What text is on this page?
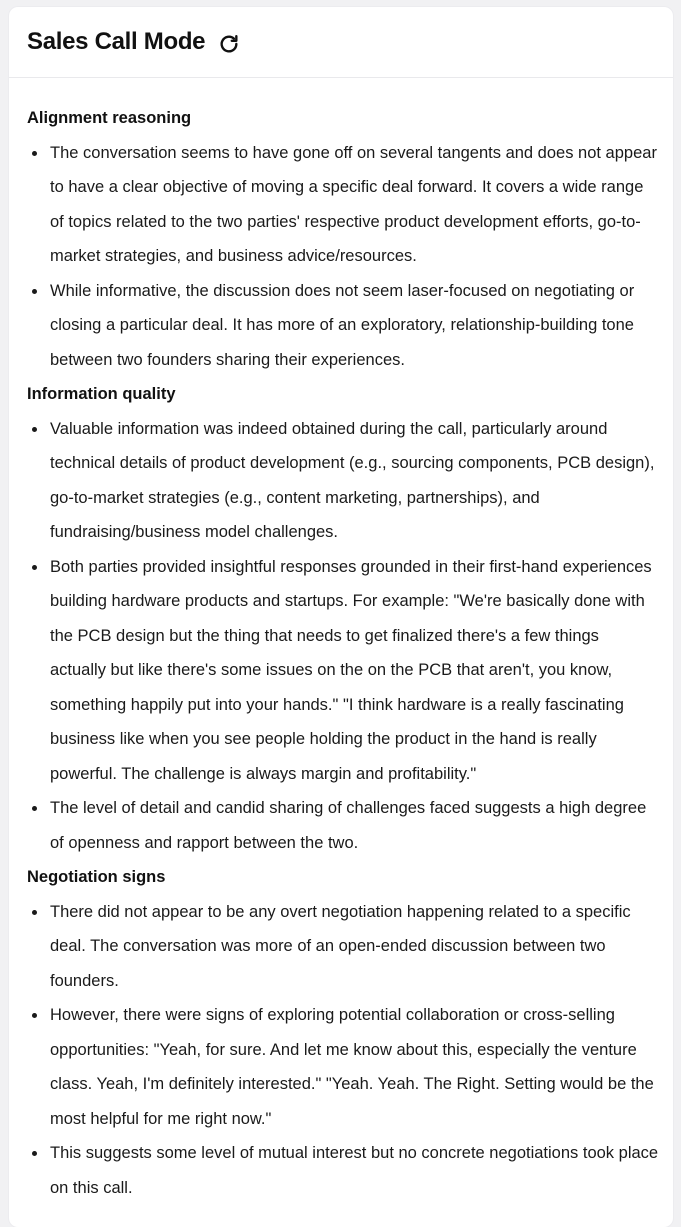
Sales Call Mode
Alignment reasoning
The conversation seems to have gone off on several tangents and does not appear to have a clear objective of moving a specific deal forward. It covers a wide range of topics related to the two parties' respective product development efforts, go-to-market strategies, and business advice/resources.
While informative, the discussion does not seem laser-focused on negotiating or closing a particular deal. It has more of an exploratory, relationship-building tone between two founders sharing their experiences.
Information quality
Valuable information was indeed obtained during the call, particularly around technical details of product development (e.g., sourcing components, PCB design), go-to-market strategies (e.g., content marketing, partnerships), and fundraising/business model challenges.
Both parties provided insightful responses grounded in their first-hand experiences building hardware products and startups. For example: "We're basically done with the PCB design but the thing that needs to get finalized there's a few things actually but like there's some issues on the on the PCB that aren't, you know, something happily put into your hands." "I think hardware is a really fascinating business like when you see people holding the product in the hand is really powerful. The challenge is always margin and profitability."
The level of detail and candid sharing of challenges faced suggests a high degree of openness and rapport between the two.
Negotiation signs
There did not appear to be any overt negotiation happening related to a specific deal. The conversation was more of an open-ended discussion between two founders.
However, there were signs of exploring potential collaboration or cross-selling opportunities: "Yeah, for sure. And let me know about this, especially the venture class. Yeah, I'm definitely interested." "Yeah. Yeah. The Right. Setting would be the most helpful for me right now."
This suggests some level of mutual interest but no concrete negotiations took place on this call.
